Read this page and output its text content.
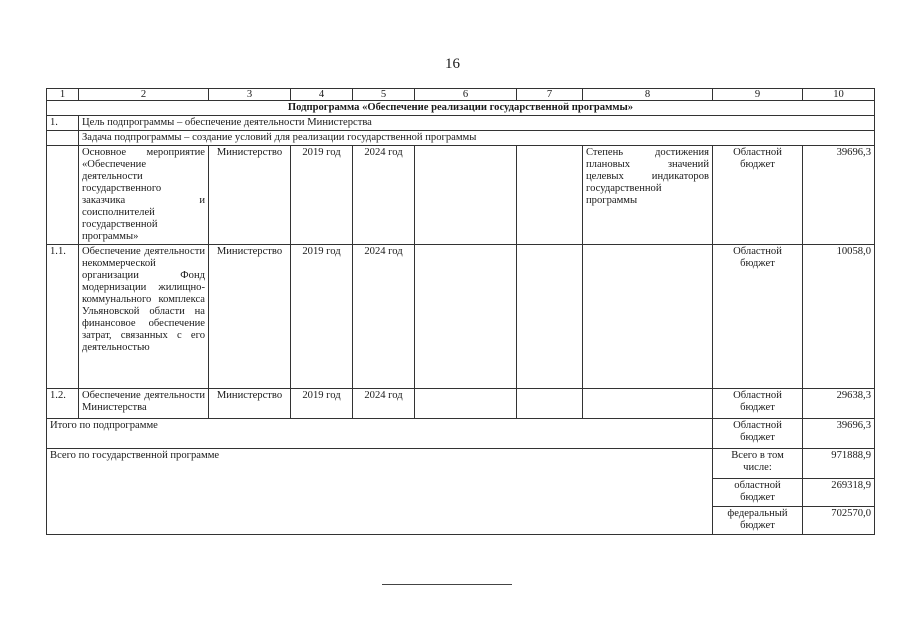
16
1	2	3	4	5	6	7	8	9	10
Подпрограмма «Обеспечение реализации государственной программы»									
1.	Цель подпрограммы – обеспечение деятельности Министерства								
	Задача подпрограммы – создание условий для реализации государственной программы								
	Основное мероприятие «Обеспечение деятельности государственного заказчика и соисполнителей государственной программы»	Министерство	2019 год	2024 год			Степень достижения плановых значений целевых индикаторов государственной программы	Областной бюджет	39696,3
1.1.	Обеспечение деятельности некоммерческой организации Фонд модернизации жилищно-коммунального комплекса Ульяновской области на финансовое обеспечение затрат, связанных с его деятельностью	Министерство	2019 год	2024 год				Областной бюджет	10058,0
1.2.	Обеспечение деятельности Министерства	Министерство	2019 год	2024 год				Областной бюджет	29638,3
Итого по подпрограмме								Областной бюджет	39696,3
Всего по государственной программе								Всего в том числе:	971888,9
								областной бюджет	269318,9
								федеральный бюджет	702570,0
